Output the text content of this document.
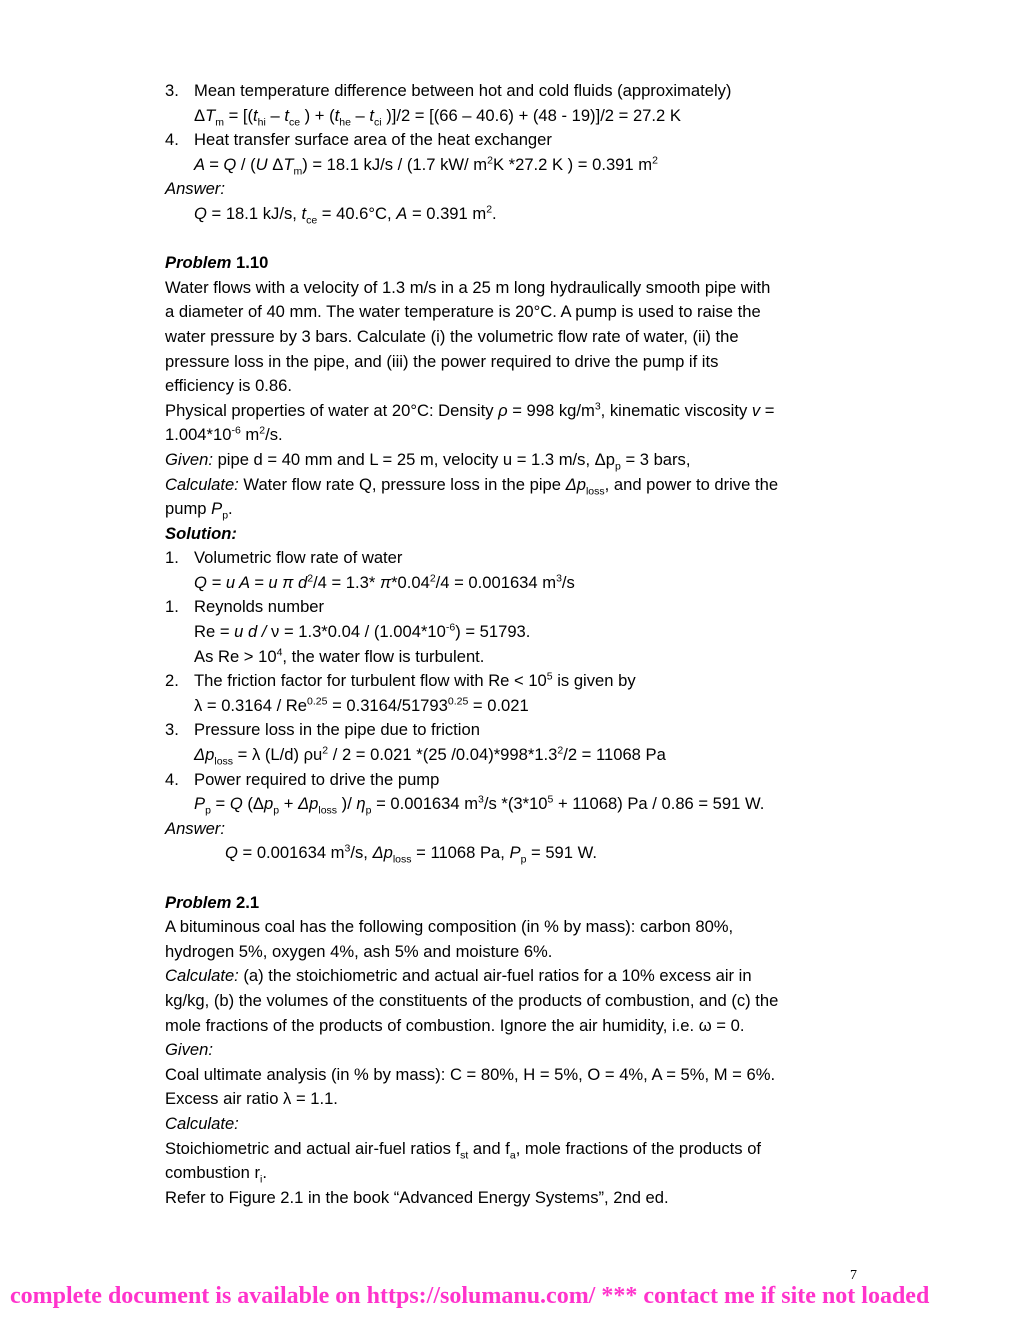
3. Mean temperature difference between hot and cold fluids (approximately)
$\Delta T_m = [(t_{hi} - t_{ce}$ ) + ($t_{he} - t_{ci}$ )]/2 = [(66 – 40.6) + (48 - 19)]/2 = 27.2 K
4. Heat transfer surface area of the heat exchanger
A = Q / (U $\Delta T_m) = 18.1$ kJ/s / (1.7 kW/ $m^2K$ *27.2 K ) = 0.391 $m^2$
Answer:
Q = 18.1 kJ/s, $t_{ce} = 40.6^\circ C$, A = 0.391 $m^2$.
Problem 1.10
Water flows with a velocity of 1.3 m/s in a 25 m long hydraulically smooth pipe with
a diameter of 40 mm. The water temperature is 20°C. A pump is used to raise the
water pressure by 3 bars. Calculate (i) the volumetric flow rate of water, (ii) the
pressure loss in the pipe, and (iii) the power required to drive the pump if its
efficiency is 0.86.
Physical properties of water at 20°C: Density ρ = 998 $kg/m^3$, kinematic viscosity v =
$1.004*10^{-6}$ $m^2/s$.
Given: pipe d = 40 mm and L = 25 m, velocity u = 1.3 m/s, $\Delta p_p = 3$ bars,
Calculate: Water flow rate Q, pressure loss in the pipe $\Delta p_{loss}$, and power to drive the
pump $P_p$.
Solution:
1. Volumetric flow rate of water
Q = u A = u π $d^2/4 = 1.3*$ $\pi*0.04^2/4 = 0.001634$ $m^3/s$
1. Reynolds number
Re = u $d / \nu = 1.3*0.04 / (1.004*10^{-6}) = 51793$.
As $Re > 10^4$, the water flow is turbulent.
2. The friction factor for turbulent flow with $Re < 10^5$ is given by
$\lambda = 0.3164 / Re^{0.25} = 0.3164/51793^{0.25} = 0.021$
3. Pressure loss in the pipe due to friction
$\Delta p_{loss} = \lambda$ (L/d) $\rho u^2 / 2 = 0.021$ *(25 $/0.04)*998*1.3^2/2 = 11068$ Pa
4. Power required to drive the pump
$P_p = Q$ ($\Delta p_p + \Delta p_{loss}$ )/ $\eta_p = 0.001634$ $m^3/s$ $*(3*10^5 + 11068)$ Pa / 0.86 = 591 W.
Answer:
Q = 0.001634 $m^3/s$, $\Delta p_{loss} = 11068$ Pa, $P_p = 591$ W.
Problem 2.1
A bituminous coal has the following composition (in % by mass): carbon 80%,
hydrogen 5%, oxygen 4%, ash 5% and moisture 6%.
Calculate: (a) the stoichiometric and actual air-fuel ratios for a 10% excess air in
kg/kg, (b) the volumes of the constituents of the products of combustion, and (c) the
mole fractions of the products of combustion. Ignore the air humidity, i.e. ω = 0.
Given:
Coal ultimate analysis (in % by mass): C = 80%, H = 5%, O = 4%, A = 5%, M = 6%.
Excess air ratio λ = 1.1.
Calculate:
Stoichiometric and actual air-fuel ratios $f_{st}$ and $f_a$, mole fractions of the products of
combustion $r_i$.
Refer to Figure 2.1 in the book “Advanced Energy Systems”, 2nd ed.
7
complete document is available on https://solumanu.com/ *** contact me if site not loaded
